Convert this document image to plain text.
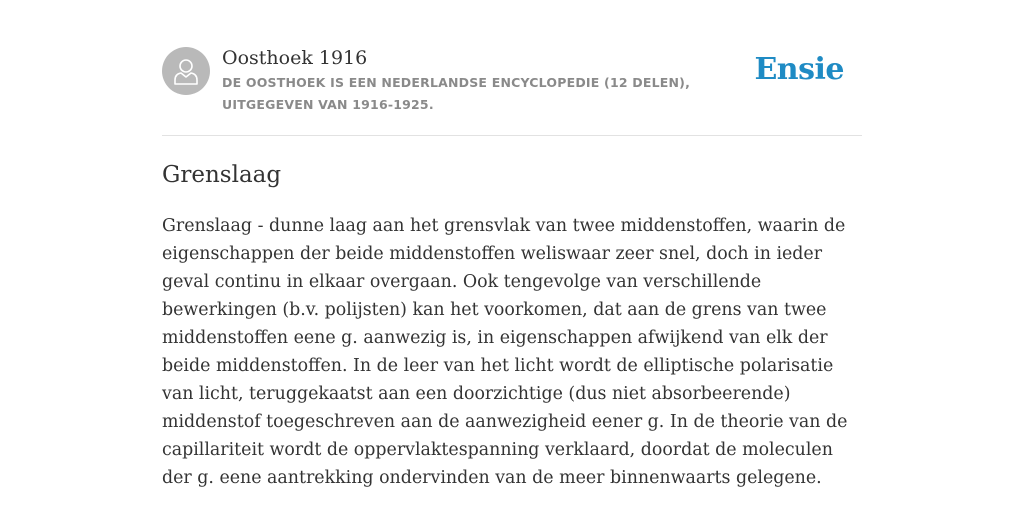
Oosthoek 1916

DE OOSTHOEK IS EEN NEDERLANDSE ENCYCLOPEDIE (12 DELEN), UITGEGEVEN VAN 1916-1925.

Ensie
Grenslaag

Grenslaag - dunne laag aan het grensvlak van twee middenstoffen, waarin de eigenschappen der beide middenstoffen weliswaar zeer snel, doch in ieder geval continu in elkaar overgaan. Ook tengevolge van verschillende bewerkingen (b.v. polijsten) kan het voorkomen, dat aan de grens van twee middenstoffen eene g. aanwezig is, in eigenschappen afwijkend van elk der beide middenstoffen. In de leer van het licht wordt de elliptische polarisatie van licht, teruggekaatst aan een doorzichtige (dus niet absorbeerende) middenstof toegeschreven aan de aanwezigheid eener g. In de theorie van de capillariteit wordt de oppervlaktespanning verklaard, doordat de moleculen der g. eene aantrekking ondervinden van de meer binnenwaarts gelegene.
